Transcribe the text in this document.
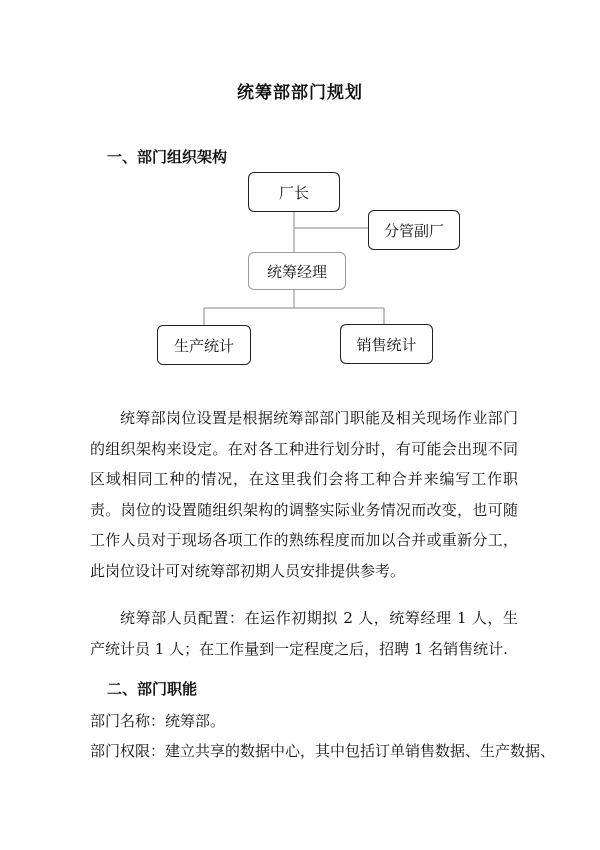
统筹部部门规划
一、部门组织架构
厂长
分管副厂
统筹经理
生产统计	销售统计
统筹部岗位设置是根据统筹部部门职能及相关现场作业部门的组织架构来设定。在对各工种进行划分时，有可能会出现不同区域相同工种的情况，在这里我们会将工种合并来编写工作职责。岗位的设置随组织架构的调整实际业务情况而改变，也可随工作人员对于现场各项工作的熟练程度而加以合并或重新分工，此岗位设计可对统筹部初期人员安排提供参考。
统筹部人员配置：在运作初期拟 2 人，统筹经理 1 人，生产统计员 1 人；在工作量到一定程度之后，招聘 1 名销售统计.
二、部门职能
部门名称：统筹部。
部门权限：建立共享的数据中心，其中包括订单销售数据、生产数据、
